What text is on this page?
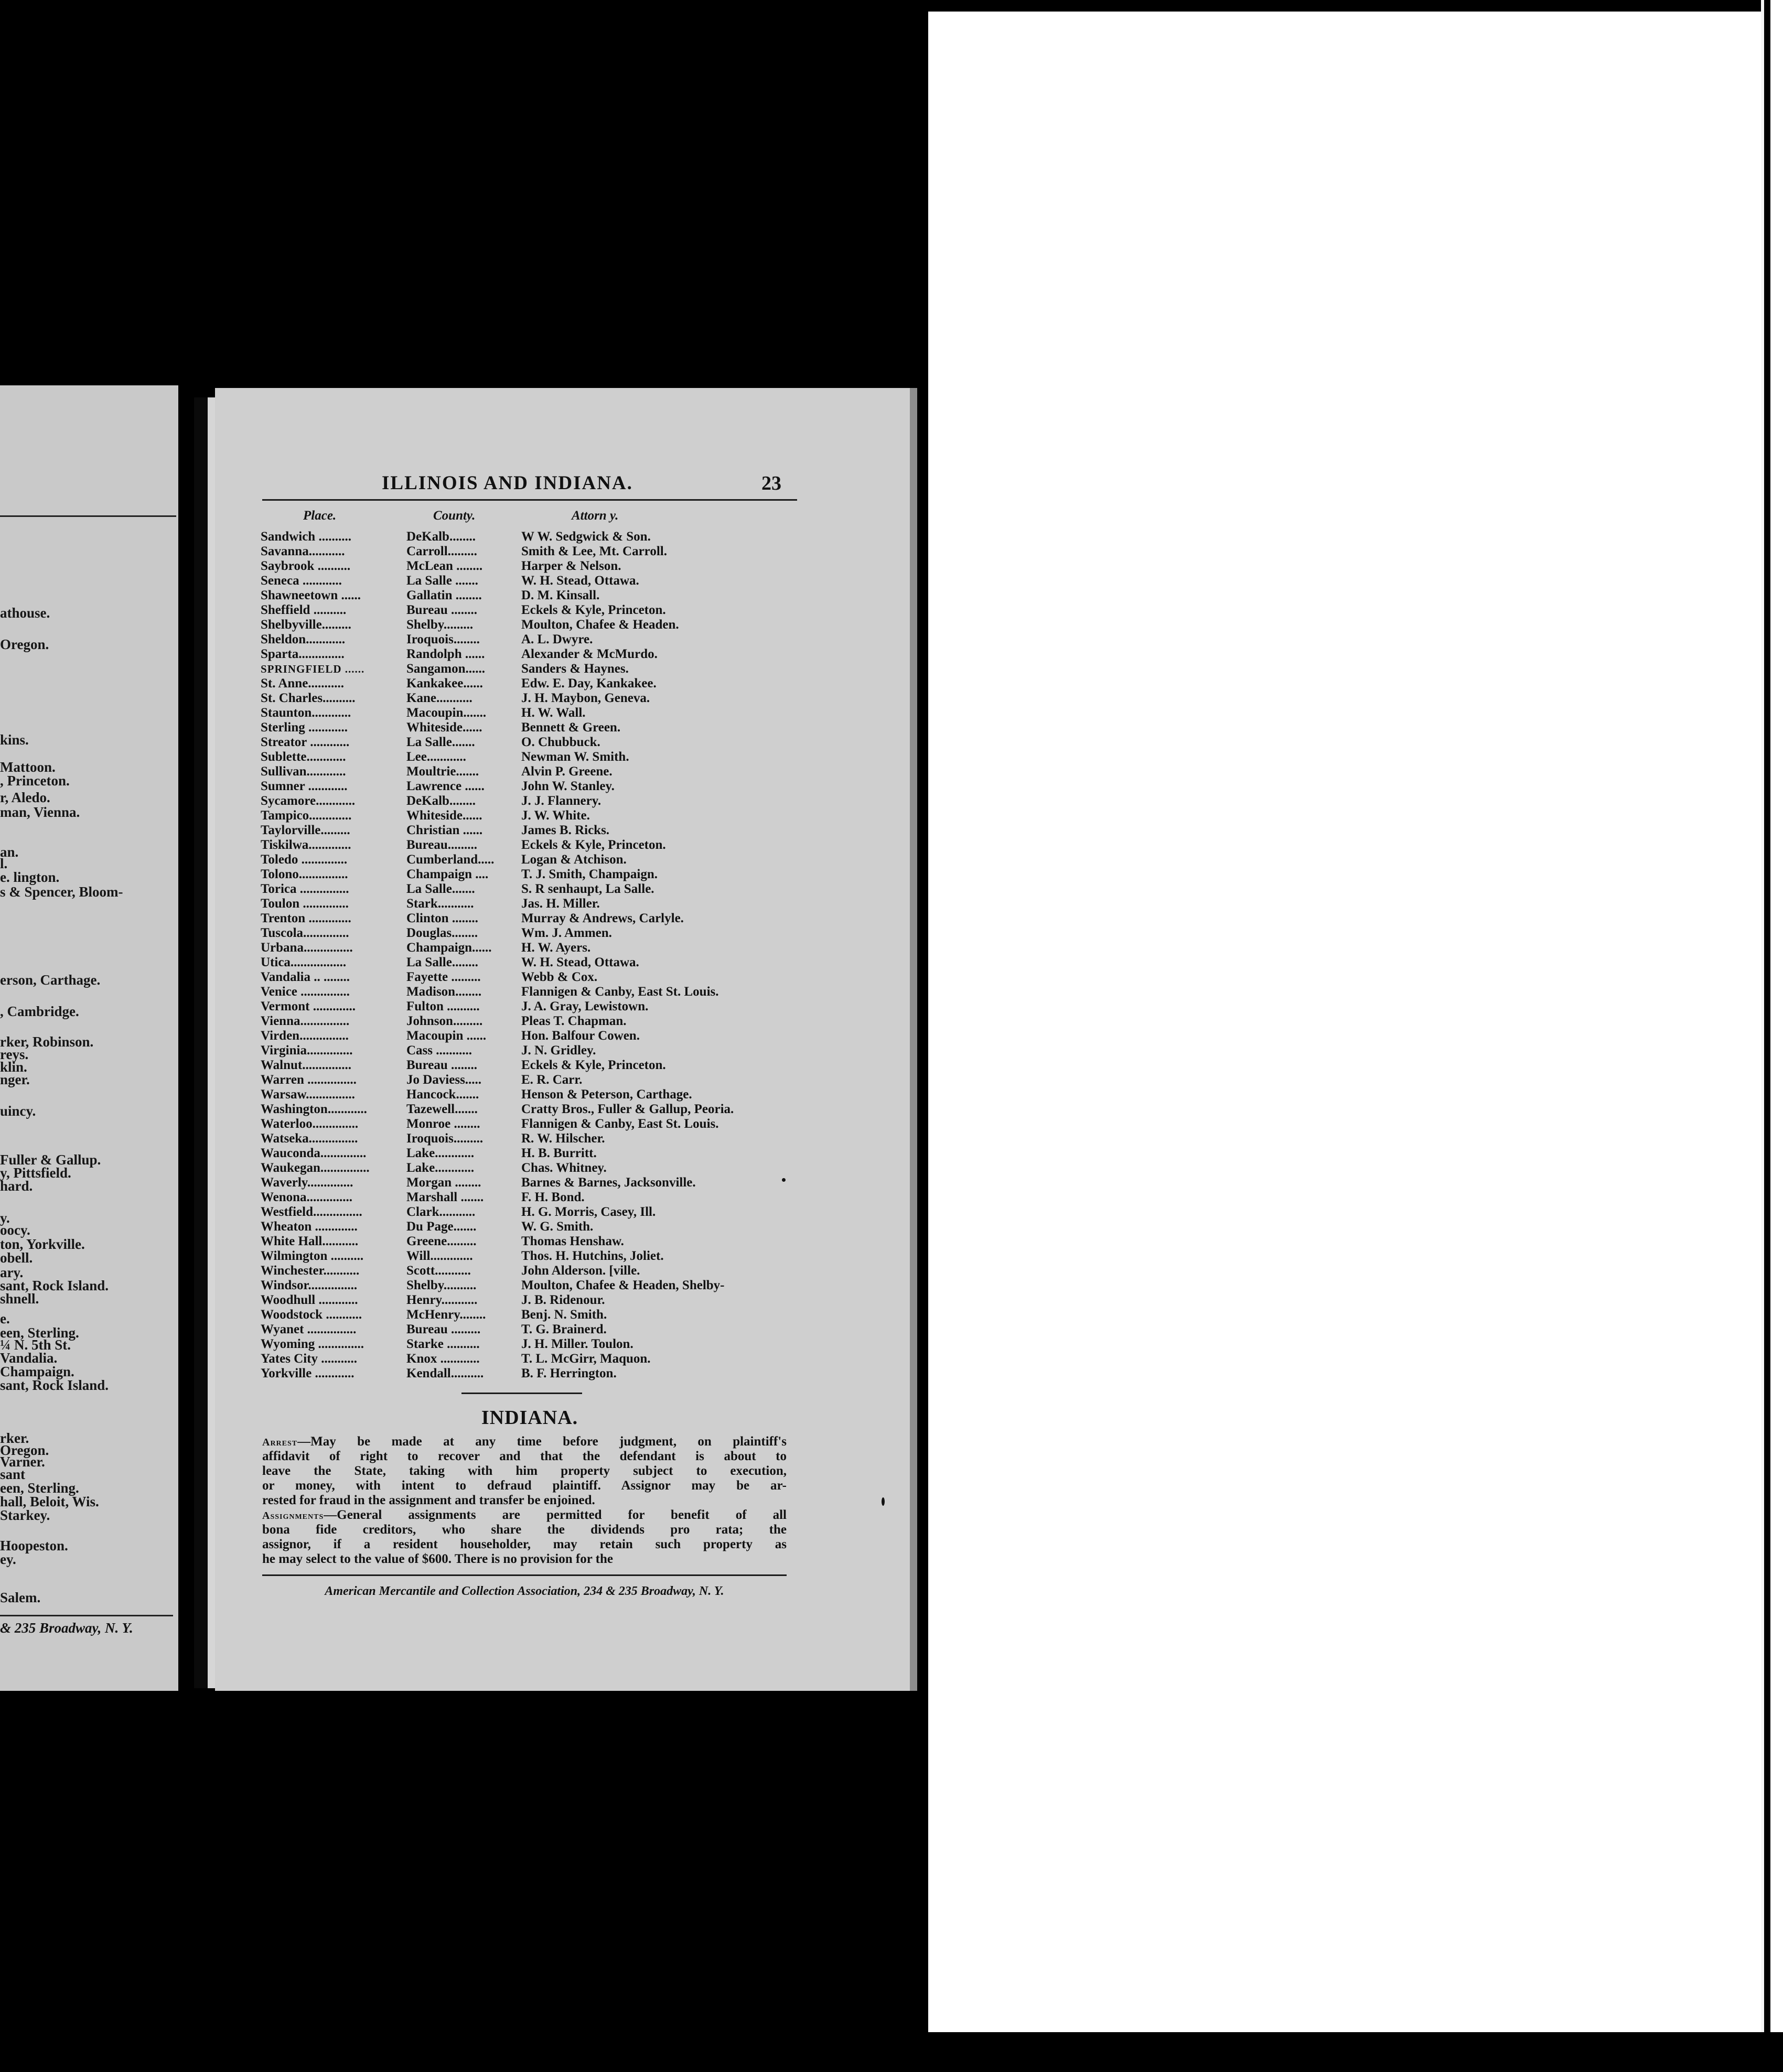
athouse.
Oregon.
kins.
Mattoon.
, Princeton.
r, Aledo.
man, Vienna.
an.
l.
e. lington.
s & Spencer, Bloom-
erson, Carthage.
, Cambridge.
rker, Robinson.
reys.
klin.
nger.
uincy.
Fuller & Gallup.
y, Pittsfield.
hard.
y.
oocy.
ton, Yorkville.
obell.
ary.
sant, Rock Island.
shnell.
e.
een, Sterling.
¼ N. 5th St.
Vandalia.
Champaign.
sant, Rock Island.
rker.
Oregon.
Varner.
sant
een, Sterling.
hall, Beloit, Wis.
Starkey.
Hoopeston.
ey.
Salem.
& 235 Broadway, N. Y.
ILLINOIS AND INDIANA.	23
Place.	County.	Attorn y.
Sandwich ..........	DeKalb........	W W. Sedgwick & Son.
Savanna...........	Carroll.........	Smith & Lee, Mt. Carroll.
Saybrook ..........	McLean ........	Harper & Nelson.
Seneca ............	La Salle .......	W. H. Stead, Ottawa.
Shawneetown ......	Gallatin ........	D. M. Kinsall.
Sheffield ..........	Bureau ........	Eckels & Kyle, Princeton.
Shelbyville.........	Shelby.........	Moulton, Chafee & Headen.
Sheldon............	Iroquois........	A. L. Dwyre.
Sparta..............	Randolph ......	Alexander & McMurdo.
SPRINGFIELD ......	Sangamon......	Sanders & Haynes.
St. Anne...........	Kankakee......	Edw. E. Day, Kankakee.
St. Charles..........	Kane...........	J. H. Maybon, Geneva.
Staunton............	Macoupin.......	H. W. Wall.
Sterling ............	Whiteside......	Bennett & Green.
Streator ............	La Salle.......	O. Chubbuck.
Sublette............	Lee............	Newman W. Smith.
Sullivan............	Moultrie.......	Alvin P. Greene.
Sumner ............	Lawrence ......	John W. Stanley.
Sycamore............	DeKalb........	J. J. Flannery.
Tampico.............	Whiteside......	J. W. White.
Taylorville.........	Christian ......	James B. Ricks.
Tiskilwa.............	Bureau.........	Eckels & Kyle, Princeton.
Toledo ..............	Cumberland.....	Logan & Atchison.
Tolono...............	Champaign ....	T. J. Smith, Champaign.
Torica ...............	La Salle.......	S. R senhaupt, La Salle.
Toulon ..............	Stark...........	Jas. H. Miller.
Trenton .............	Clinton ........	Murray & Andrews, Carlyle.
Tuscola..............	Douglas........	Wm. J. Ammen.
Urbana...............	Champaign......	H. W. Ayers.
Utica.................	La Salle........	W. H. Stead, Ottawa.
Vandalia .. ........	Fayette .........	Webb & Cox.
Venice ...............	Madison........	Flannigen & Canby, East St. Louis.
Vermont .............	Fulton ..........	J. A. Gray, Lewistown.
Vienna...............	Johnson.........	Pleas T. Chapman.
Virden...............	Macoupin ......	Hon. Balfour Cowen.
Virginia..............	Cass ...........	J. N. Gridley.
Walnut...............	Bureau ........	Eckels & Kyle, Princeton.
Warren ...............	Jo Daviess.....	E. R. Carr.
Warsaw...............	Hancock.......	Henson & Peterson, Carthage.
Washington............	Tazewell.......	Cratty Bros., Fuller & Gallup, Peoria.
Waterloo..............	Monroe ........	Flannigen & Canby, East St. Louis.
Watseka...............	Iroquois.........	R. W. Hilscher.
Wauconda..............	Lake............	H. B. Burritt.
Waukegan...............	Lake............	Chas. Whitney.
Waverly..............	Morgan ........	Barnes & Barnes, Jacksonville.
Wenona..............	Marshall .......	F. H. Bond.
Westfield...............	Clark...........	H. G. Morris, Casey, Ill.
Wheaton .............	Du Page.......	W. G. Smith.
White Hall...........	Greene.........	Thomas Henshaw.
Wilmington ..........	Will.............	Thos. H. Hutchins, Joliet.
Winchester...........	Scott...........	John Alderson. [ville.
Windsor...............	Shelby..........	Moulton, Chafee & Headen, Shelby-
Woodhull ............	Henry...........	J. B. Ridenour.
Woodstock ...........	McHenry........	Benj. N. Smith.
Wyanet ...............	Bureau .........	T. G. Brainerd.
Wyoming ..............	Starke ..........	J. H. Miller. Toulon.
Yates City ...........	Knox ............	T. L. McGirr, Maquon.
Yorkville ............	Kendall..........	B. F. Herrington.
INDIANA.
Arrest—May be made at any time before judgment, on plaintiff's
affidavit of right to recover and that the defendant is about to
leave the State, taking with him property subject to execution,
or money, with intent to defraud plaintiff. Assignor may be ar-
rested for fraud in the assignment and transfer be enjoined.
Assignments—General assignments are permitted for benefit of all
bona fide creditors, who share the dividends pro rata; the
assignor, if a resident householder, may retain such property as
he may select to the value of $600. There is no provision for the
American Mercantile and Collection Association, 234 & 235 Broadway, N. Y.
